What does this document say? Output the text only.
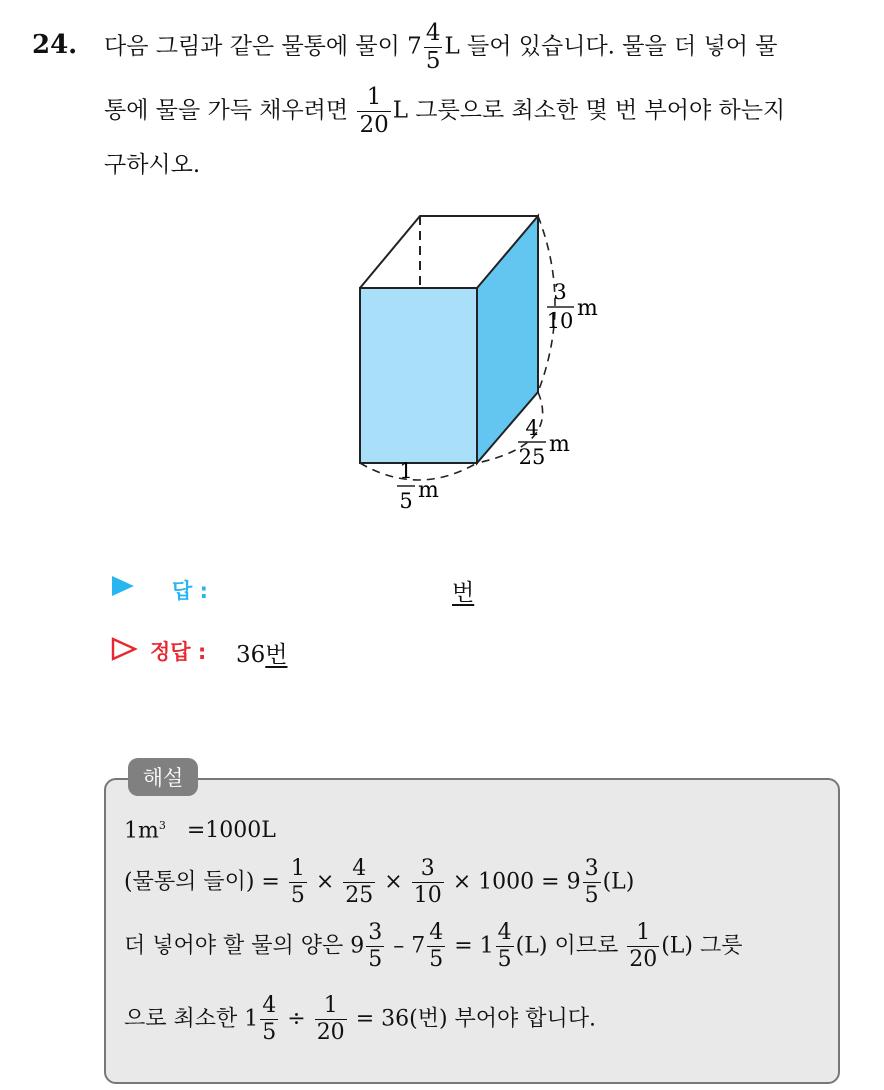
24. 다음 그림과 같은 물통에 물이 $7 \frac{4}{5}$ L 들어 있습니다. 물을 더 넣어 물
통에 물을 가득 채우려면 $\frac{1}{20}$ L 그릇으로 최소한 몇 번 부어야 하는지
구하시오.
3
10 m
4
25 m
1
5 m
답 :	번
정답 : 36번
해설
$1m^3 =1000L$
(물통의 들이) = $\frac{1}{5} \times \frac{4}{25} \times \frac{3}{10} \times 1000 = 9 \frac{3}{5} (L)$
더 넣어야 할 물의 양은 $9 \frac{3}{5} - 7 \frac{4}{5} = 1 \frac{4}{5} (L)$ 이므로 $\frac{1}{20} (L)$ 그릇
으로 최소한 $1 \frac{4}{5} \div \frac{1}{20} = 36$(번) 부어야 합니다.
